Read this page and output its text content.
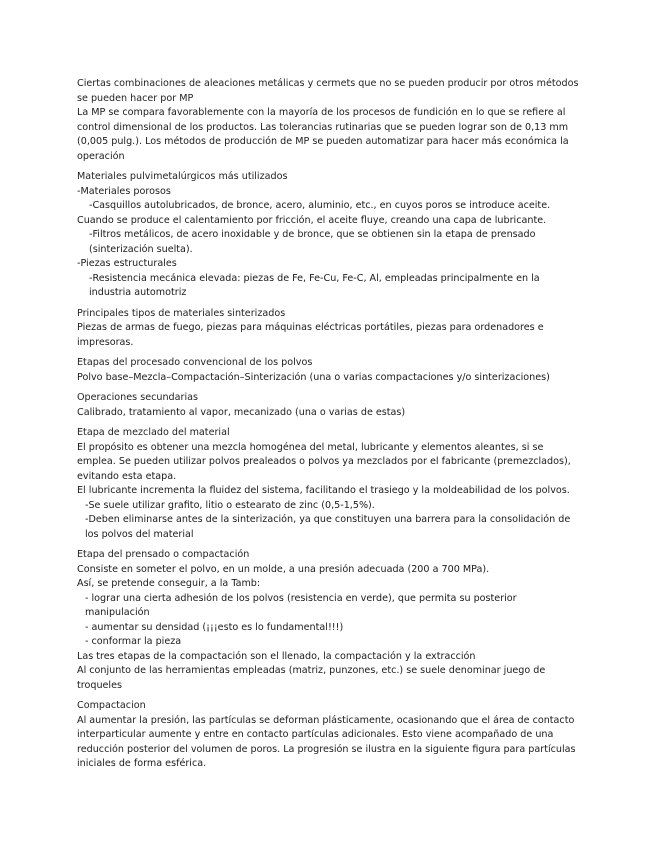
Ciertas combinaciones de aleaciones metálicas y cermets que no se pueden producir por otros métodos se pueden hacer por MP
La MP se compara favorablemente con la mayoría de los procesos de fundición en lo que se refiere al control dimensional de los productos. Las tolerancias rutinarias que se pueden lograr son de 0,13 mm (0,005 pulg.). Los métodos de producción de MP se pueden automatizar para hacer más económica la operación
Materiales pulvimetalúrgicos más utilizados
-Materiales porosos
-Casquillos autolubricados, de bronce, acero, aluminio, etc., en cuyos poros se introduce aceite.
Cuando se produce el calentamiento por fricción, el aceite fluye, creando una capa de lubricante.
-Filtros metálicos, de acero inoxidable y de bronce, que se obtienen sin la etapa de prensado (sinterización suelta).
-Piezas estructurales
-Resistencia mecánica elevada: piezas de Fe, Fe-Cu, Fe-C, Al, empleadas principalmente en la industria automotriz
Principales tipos de materiales sinterizados
Piezas de armas de fuego, piezas para máquinas eléctricas portátiles, piezas para ordenadores e impresoras.
Etapas del procesado convencional de los polvos
Polvo base–Mezcla–Compactación–Sinterización (una o varias compactaciones y/o sinterizaciones)
Operaciones secundarias
Calibrado, tratamiento al vapor, mecanizado (una o varias de estas)
Etapa de mezclado del material
El propósito es obtener una mezcla homogénea del metal, lubricante y elementos aleantes, si se emplea. Se pueden utilizar polvos prealeados o polvos ya mezclados por el fabricante (premezclados), evitando esta etapa.
El lubricante incrementa la fluidez del sistema, facilitando el trasiego y la moldeabilidad de los polvos.
-Se suele utilizar grafito, litio o estearato de zinc (0,5-1,5%).
-Deben eliminarse antes de la sinterización, ya que constituyen una barrera para la consolidación de los polvos del material
Etapa del prensado o compactación
Consiste en someter el polvo, en un molde, a una presión adecuada (200 a 700 MPa).
Así, se pretende conseguir, a la Tamb:
- lograr una cierta adhesión de los polvos (resistencia en verde), que permita su posterior manipulación
- aumentar su densidad (¡¡¡esto es lo fundamental!!!)
- conformar la pieza
Las tres etapas de la compactación son el llenado, la compactación y la extracción
Al conjunto de las herramientas empleadas (matriz, punzones, etc.) se suele denominar juego de troqueles
Compactacion
Al aumentar la presión, las partículas se deforman plásticamente, ocasionando que el área de contacto interparticular aumente y entre en contacto partículas adicionales. Esto viene acompañado de una reducción posterior del volumen de poros. La progresión se ilustra en la siguiente figura para partículas iniciales de forma esférica.
